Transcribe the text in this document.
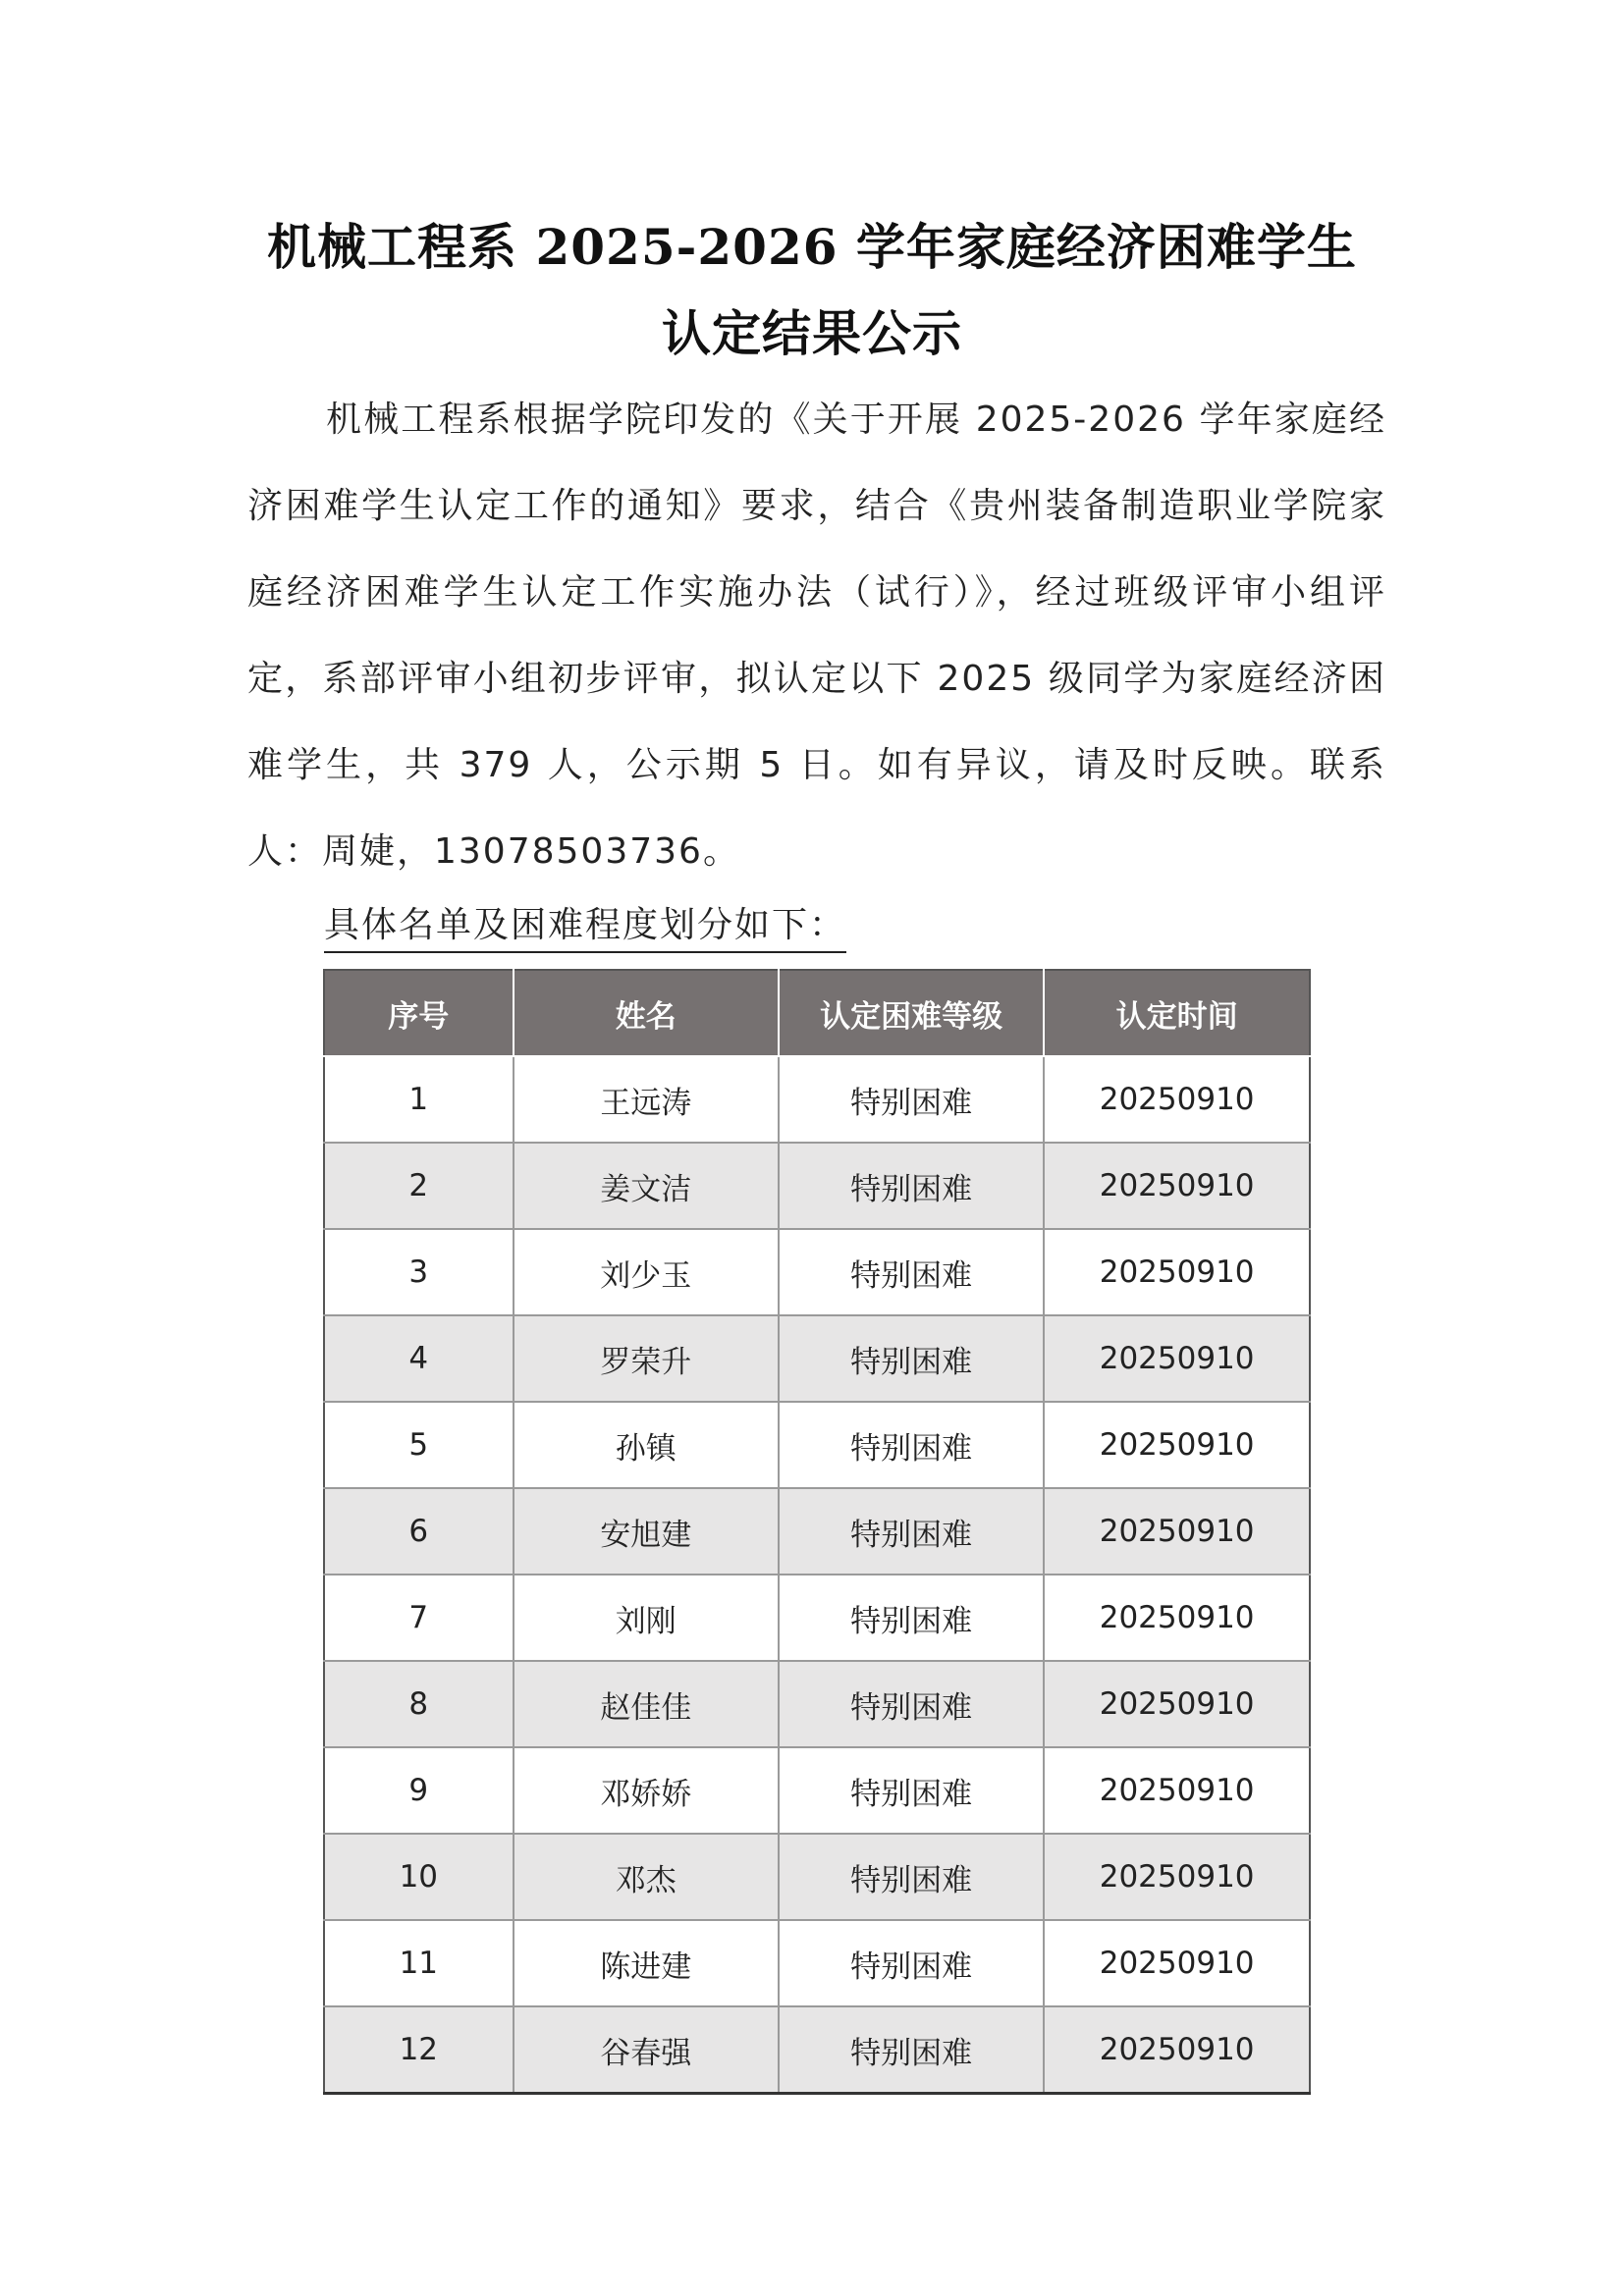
机械工程系 2025-2026 学年家庭经济困难学生
认定结果公示

机械工程系根据学院印发的《关于开展 2025-2026 学年家庭经济困难学生认定工作的通知》要求，结合《贵州装备制造职业学院家庭经济困难学生认定工作实施办法（试行）》，经过班级评审小组评定，系部评审小组初步评审，拟认定以下 2025 级同学为家庭经济困难学生，共 379 人，公示期 5 日。如有异议，请及时反映。联系人：周婕，13078503736。

具体名单及困难程度划分如下：

序号	姓名	认定困难等级	认定时间
1	王远涛	特别困难	20250910
2	姜文洁	特别困难	20250910
3	刘少玉	特别困难	20250910
4	罗荣升	特别困难	20250910
5	孙镇	特别困难	20250910
6	安旭建	特别困难	20250910
7	刘刚	特别困难	20250910
8	赵佳佳	特别困难	20250910
9	邓娇娇	特别困难	20250910
10	邓杰	特别困难	20250910
11	陈进建	特别困难	20250910
12	谷春强	特别困难	20250910
